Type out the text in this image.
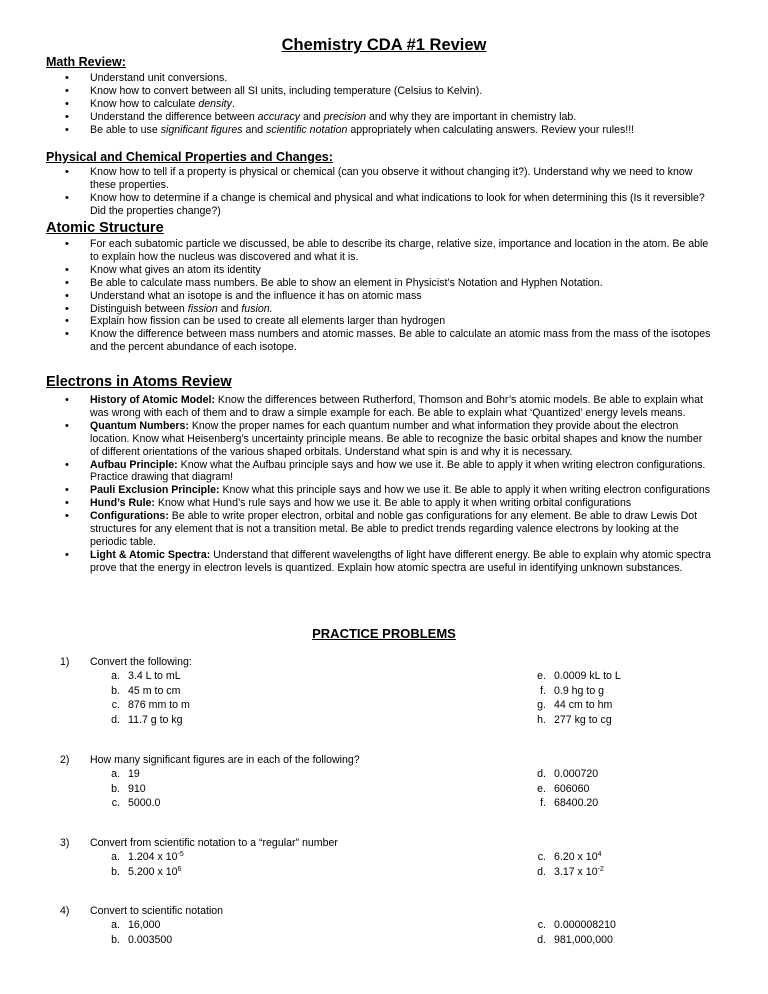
Chemistry CDA #1 Review
Math Review:
Physical and Chemical Properties and Changes:
Atomic Structure
Electrons in Atoms Review
• Understand unit conversions.
• Know how to convert between all SI units, including temperature (Celsius to Kelvin).
• Know how to calculate density.
• Understand the difference between accuracy and precision and why they are important in chemistry lab.
• Be able to use significant figures and scientific notation appropriately when calculating answers. Review your rules!!!
• Know how to tell if a property is physical or chemical (can you observe it without changing it?). Understand why we need to know these properties.
• Know how to determine if a change is chemical and physical and what indications to look for when determining this (Is it reversible? Did the properties change?)
• For each subatomic particle we discussed, be able to describe its charge, relative size, importance and location in the atom. Be able to explain how the nucleus was discovered and what it is.
• Know what gives an atom its identity
• Be able to calculate mass numbers. Be able to show an element in Physicist’s Notation and Hyphen Notation.
• Understand what an isotope is and the influence it has on atomic mass
• Distinguish between fission and fusion.
• Explain how fission can be used to create all elements larger than hydrogen
• Know the difference between mass numbers and atomic masses. Be able to calculate an atomic mass from the mass of the isotopes and the percent abundance of each isotope.
• History of Atomic Model: Know the differences between Rutherford, Thomson and Bohr’s atomic models. Be able to explain what was wrong with each of them and to draw a simple example for each. Be able to explain what ‘Quantized’ energy levels means.
• Quantum Numbers: Know the proper names for each quantum number and what information they provide about the electron location. Know what Heisenberg’s uncertainty principle means. Be able to recognize the basic orbital shapes and know the number of different orientations of the various shaped orbitals. Understand what spin is and why it is necessary.
• Aufbau Principle: Know what the Aufbau principle says and how we use it. Be able to apply it when writing electron configurations. Practice drawing that diagram!
• Pauli Exclusion Principle: Know what this principle says and how we use it. Be able to apply it when writing electron configurations
• Hund’s Rule: Know what Hund’s rule says and how we use it. Be able to apply it when writing orbital configurations
• Configurations: Be able to write proper electron, orbital and noble gas configurations for any element. Be able to draw Lewis Dot structures for any element that is not a transition metal. Be able to predict trends regarding valence electrons by looking at the periodic table.
• Light & Atomic Spectra: Understand that different wavelengths of light have different energy. Be able to explain why atomic spectra prove that the energy in electron levels is quantized. Explain how atomic spectra are useful in identifying unknown substances.
PRACTICE PROBLEMS
1) Convert the following:
a. 3.4 L to mL
b. 45 m to cm
c. 876 mm to m
d. 11.7 g to kg
e. 0.0009 kL to L
f. 0.9 hg to g
g. 44 cm to hm
h. 277 kg to cg
2) How many significant figures are in each of the following?
a. 19
b. 910
c. 5000.0
d. 0.000720
e. 606060
f. 68400.20
3) Convert from scientific notation to a “regular” number
a. 1.204 x $10^{-5}$
b. 5.200 x $10^6$
c. 6.20 x $10^4$
d. 3.17 x $10^{-2}$
4) Convert to scientific notation
a. 16,000
b. 0.003500
c. 0.000008210
d. 981,000,000
